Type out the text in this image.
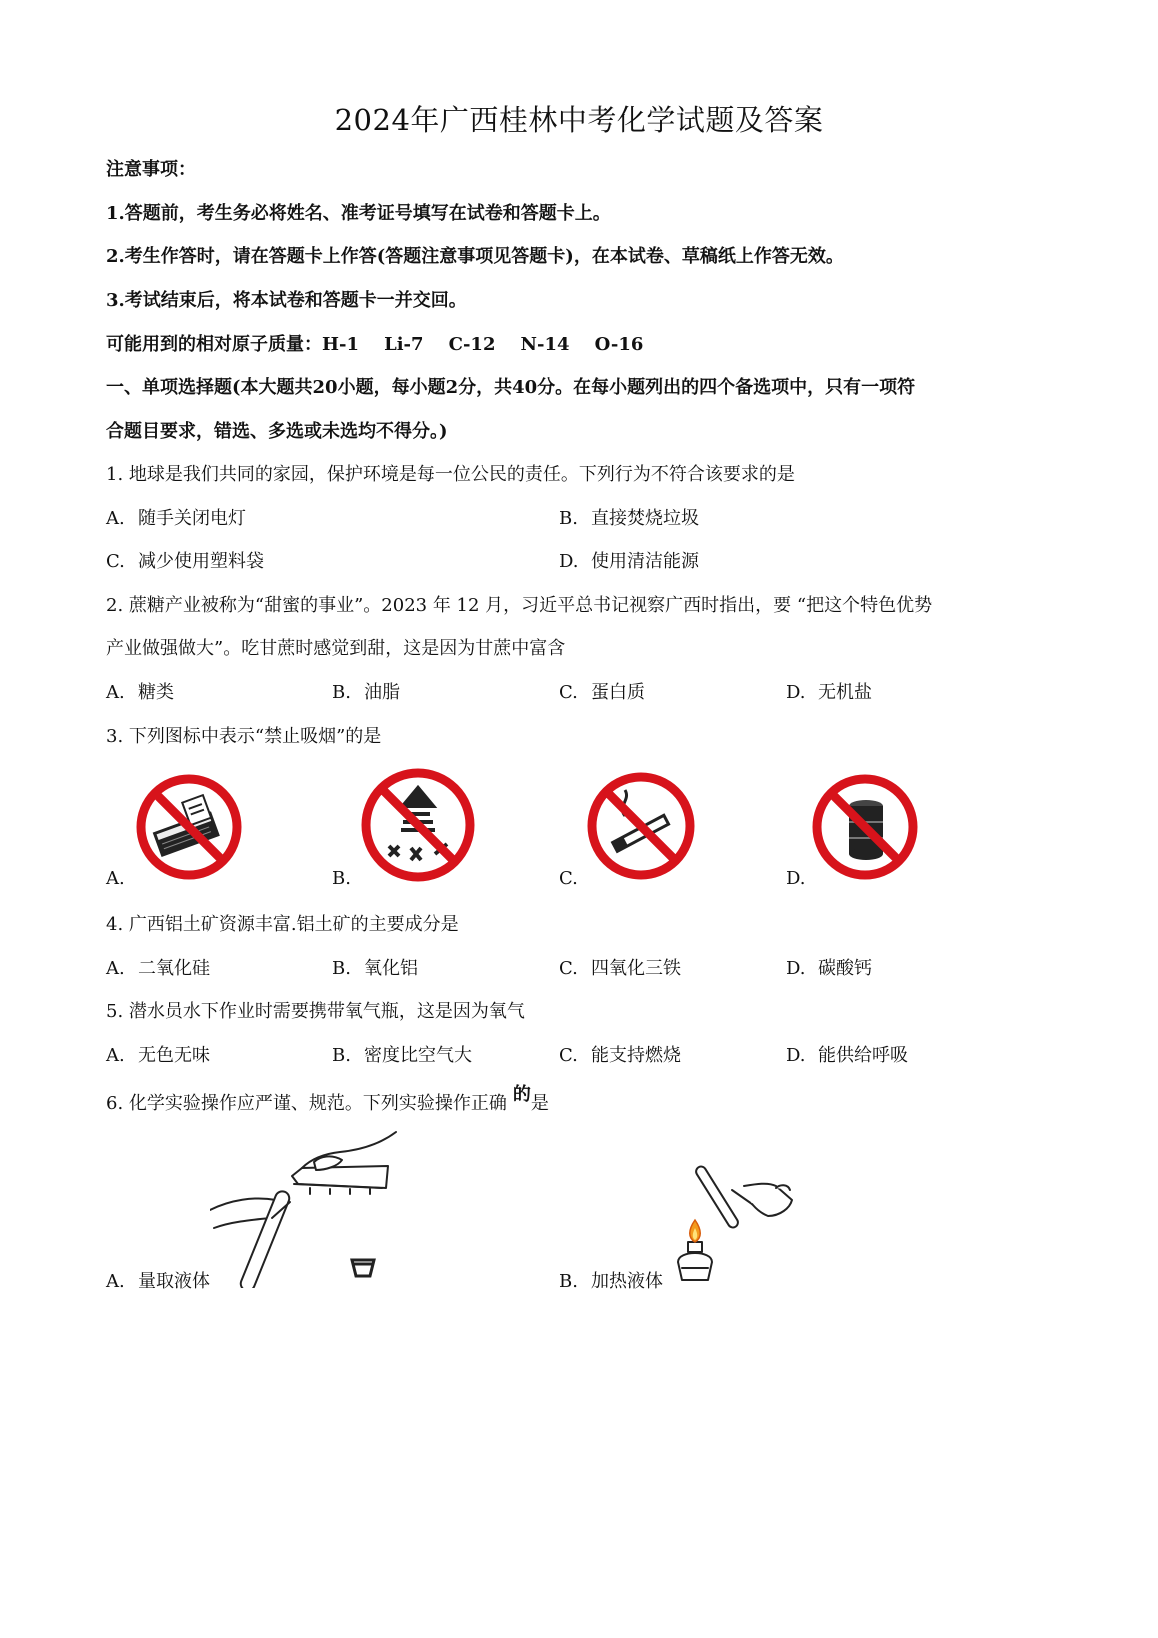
2024年广西桂林中考化学试题及答案
注意事项：
1.答题前，考生务必将姓名、准考证号填写在试卷和答题卡上。
2.考生作答时，请在答题卡上作答(答题注意事项见答题卡)，在本试卷、草稿纸上作答无效。
3.考试结束后，将本试卷和答题卡一并交回。
可能用到的相对原子质量：H-1    Li-7    C-12    N-14    O-16
一、单项选择题(本大题共20小题，每小题2分，共40分。在每小题列出的四个备选项中，只有一项符
合题目要求，错选、多选或未选均不得分。)
1. 地球是我们共同的家园，保护环境是每一位公民的责任。下列行为不符合该要求的是
A. 随手关闭电灯	B. 直接焚烧垃圾
C. 减少使用塑料袋	D. 使用清洁能源
2. 蔗糖产业被称为“甜蜜的事业”。2023 年 12 月，习近平总书记视察广西时指出，要 “把这个特色优势
产业做强做大”。吃甘蔗时感觉到甜，这是因为甘蔗中富含
A. 糖类	B. 油脂	C. 蛋白质	D. 无机盐
3. 下列图标中表示“禁止吸烟”的是
A.	B.	C.	D.
4. 广西铝土矿资源丰富.铝土矿的主要成分是
A. 二氧化硅	B. 氧化铝	C. 四氧化三铁	D. 碳酸钙
5. 潜水员水下作业时需要携带氧气瓶，这是因为氧气
A. 无色无味	B. 密度比空气大	C. 能支持燃烧	D. 能供给呼吸
6. 化学实验操作应严谨、规范。下列实验操作正确 的是
A. 量取液体	B. 加热液体
